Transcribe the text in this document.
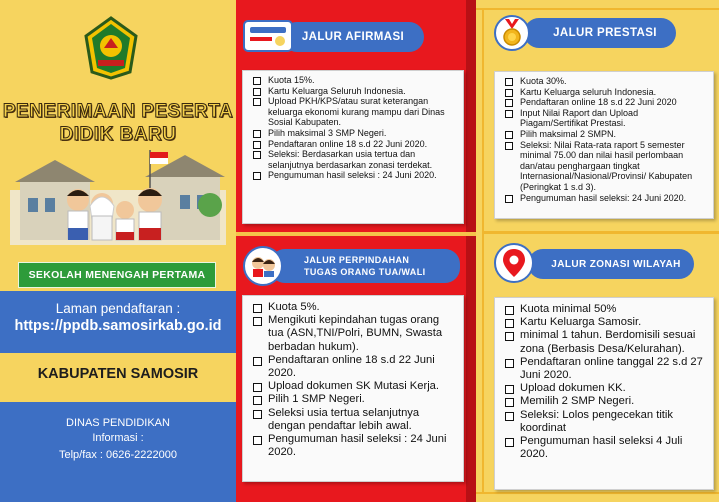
PENERIMAAN PESERTA
DIDIK BARU
SEKOLAH MENENGAH PERTAMA
Laman pendaftaran :
https://ppdb.samosirkab.go.id
KABUPATEN SAMOSIR
DINAS PENDIDIKAN
Informasi :
Telp/fax : 0626-2222000
JALUR AFIRMASI
Kuota 15%.
Kartu Keluarga Seluruh Indonesia.
Upload PKH/KPS/atau surat keterangan keluarga ekonomi kurang mampu dari Dinas Sosial Kabupaten.
Pilih maksimal 3 SMP Negeri.
Pendaftaran online 18 s.d 22 Juni 2020.
Seleksi: Berdasarkan usia tertua dan selanjutnya berdasarkan zonasi terdekat.
Pengumuman hasil seleksi : 24 Juni 2020.
JALUR PERPINDAHAN
TUGAS ORANG TUA/WALI
Kuota 5%.
Mengikuti kepindahan tugas orang tua (ASN,TNI/Polri, BUMN, Swasta berbadan hukum).
Pendaftaran online 18 s.d 22 Juni 2020.
Upload dokumen SK Mutasi Kerja.
Pilih 1 SMP Negeri.
Seleksi usia tertua selanjutnya dengan pendaftar lebih awal.
Pengumuman hasil seleksi : 24 Juni 2020.
JALUR PRESTASI
Kuota 30%.
Kartu Keluarga seluruh Indonesia.
Pendaftaran online 18 s.d 22 Juni 2020
Input Nilai Raport dan Upload Piagam/Sertifikat Prestasi.
Pilih maksimal 2 SMPN.
Seleksi: Nilai Rata-rata raport 5 semester minimal 75.00 dan nilai hasil perlombaan dan/atau penghargaan tingkat Internasional/Nasional/Provinsi/ Kabupaten (Peringkat 1 s.d 3).
Pengumuman hasil seleksi: 24 Juni 2020.
JALUR ZONASI WILAYAH
Kuota minimal 50%
Kartu Keluarga Samosir.
minimal 1 tahun. Berdomisili sesuai zona (Berbasis Desa/Kelurahan).
Pendaftaran online tanggal 22 s.d 27 Juni 2020.
Upload dokumen KK.
Memilih 2 SMP Negeri.
Seleksi: Lolos pengecekan titik koordinat
Pengumuman hasil seleksi 4 Juli 2020.
